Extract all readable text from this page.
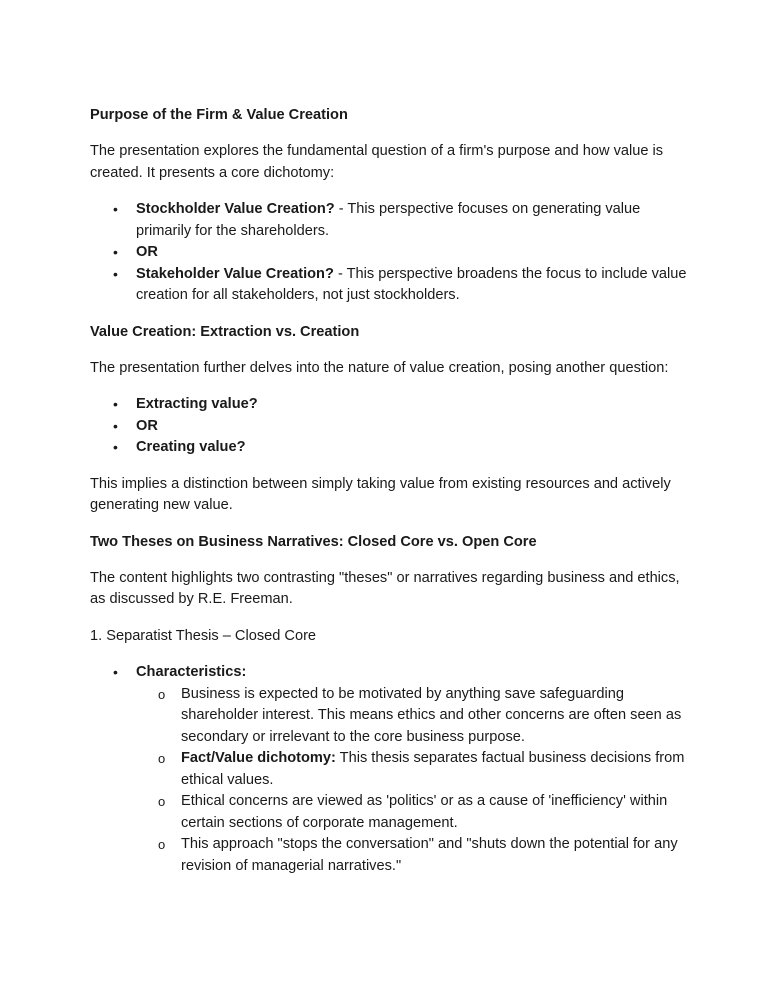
Purpose of the Firm & Value Creation
The presentation explores the fundamental question of a firm's purpose and how value is created. It presents a core dichotomy:
• Stockholder Value Creation? - This perspective focuses on generating value primarily for the shareholders.
• OR
• Stakeholder Value Creation? - This perspective broadens the focus to include value creation for all stakeholders, not just stockholders.
Value Creation: Extraction vs. Creation
The presentation further delves into the nature of value creation, posing another question:
• Extracting value?
• OR
• Creating value?
This implies a distinction between simply taking value from existing resources and actively generating new value.
Two Theses on Business Narratives: Closed Core vs. Open Core
The content highlights two contrasting "theses" or narratives regarding business and ethics, as discussed by R.E. Freeman.
1. Separatist Thesis – Closed Core
• Characteristics:
o Business is expected to be motivated by anything save safeguarding shareholder interest. This means ethics and other concerns are often seen as secondary or irrelevant to the core business purpose.
o Fact/Value dichotomy: This thesis separates factual business decisions from ethical values.
o Ethical concerns are viewed as 'politics' or as a cause of 'inefficiency' within certain sections of corporate management.
o This approach "stops the conversation" and "shuts down the potential for any revision of managerial narratives."
